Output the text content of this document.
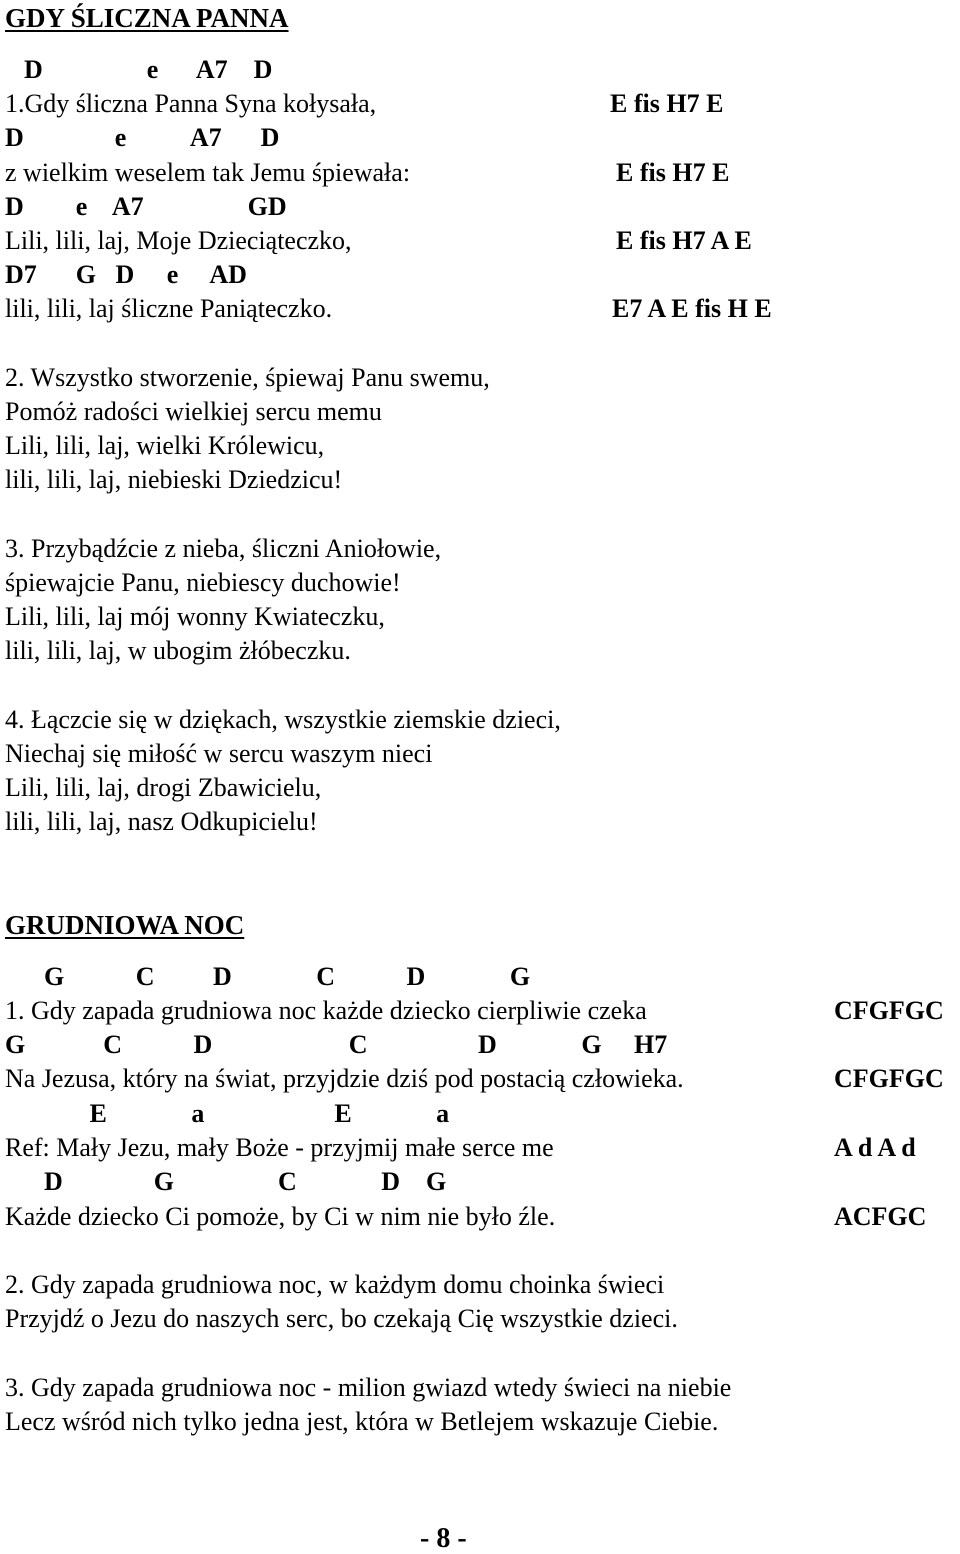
GDY ŚLICZNA PANNA
D                e      A7    D
1.Gdy śliczna Panna Syna kołysała,
D              e          A7      D
z wielkim weselem tak Jemu śpiewała:
D        e    A7                GD
Lili, lili, laj, Moje Dzieciąteczko,
D7      G   D     e     AD
lili, lili, laj śliczne Paniąteczko.
E fis H7 E
E fis H7 E
E fis H7 A E
E7 A E fis H E
2. Wszystko stworzenie, śpiewaj Panu swemu,
Pomóż radości wielkiej sercu memu
Lili, lili, laj, wielki Królewicu,
lili, lili, laj, niebieski Dziedzicu!
3. Przybądźcie z nieba, śliczni Aniołowie,
śpiewajcie Panu, niebiescy duchowie!
Lili, lili, laj mój wonny Kwiateczku,
lili, lili, laj, w ubogim żłóbeczku.
4. Łączcie się w dziękach, wszystkie ziemskie dzieci,
Niechaj się miłość w sercu waszym nieci
Lili, lili, laj, drogi Zbawicielu,
lili, lili, laj, nasz Odkupicielu!
GRUDNIOWA NOC
G           C         D             C           D             G
1. Gdy zapada grudniowa noc każde dziecko cierpliwie czeka
G            C           D                     C                 D             G     H7
Na Jezusa, który na świat, przyjdzie dziś pod postacią człowieka.
E             a                    E             a
Ref: Mały Jezu, mały Boże - przyjmij małe serce me
D              G                C             D    G
Każde dziecko Ci pomoże, by Ci w nim nie było źle.
CFGFGC
CFGFGC
A d A d
ACFGC
2. Gdy zapada grudniowa noc, w każdym domu choinka świeci
Przyjdź o Jezu do naszych serc, bo czekają Cię wszystkie dzieci.
3. Gdy zapada grudniowa noc - milion gwiazd wtedy świeci na niebie
Lecz wśród nich tylko jedna jest, która w Betlejem wskazuje Ciebie.
- 8 -
